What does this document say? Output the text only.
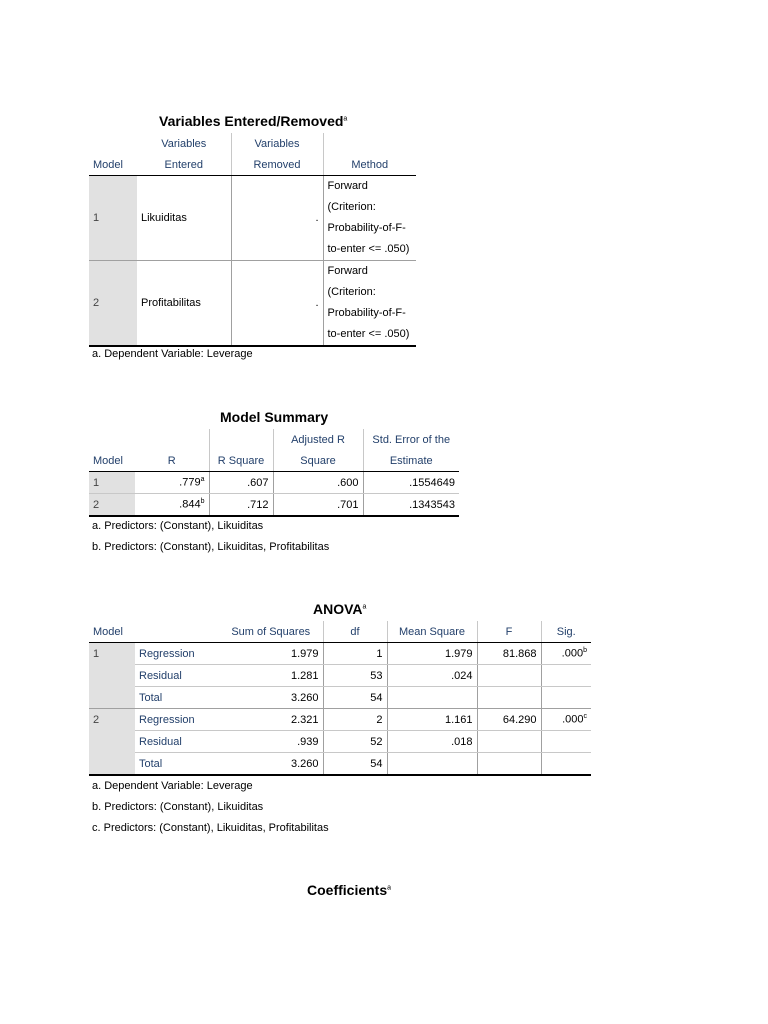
Variables Entered/Removed$^a$
	Variables	Variables	
Model	Entered	Removed	Method
1	Likuiditas	.	Forward
(Criterion:
Probability-of-F-
to-enter <= .050)

2	Profitabilitas	.	Forward
(Criterion:
Probability-of-F-
to-enter <= .050)
a. Dependent Variable: Leverage
Model Summary
			Adjusted R	Std. Error of the
Model	R	R Square	Square	Estimate
1	.779$^a$	.607	.600	.1554649
2	.844$^b$	.712	.701	.1343543
a. Predictors: (Constant), Likuiditas
b. Predictors: (Constant), Likuiditas, Profitabilitas
ANOVA$^a$
Model		Sum of Squares	df	Mean Square	F	Sig.
1	Regression	1.979	1	1.979	81.868	.000$^b$
	Residual	1.281	53	.024		
	Total	3.260	54			
2	Regression	2.321	2	1.161	64.290	.000$^c$
	Residual	.939	52	.018		
	Total	3.260	54			
a. Dependent Variable: Leverage
b. Predictors: (Constant), Likuiditas
c. Predictors: (Constant), Likuiditas, Profitabilitas
Coefficients$^a$
